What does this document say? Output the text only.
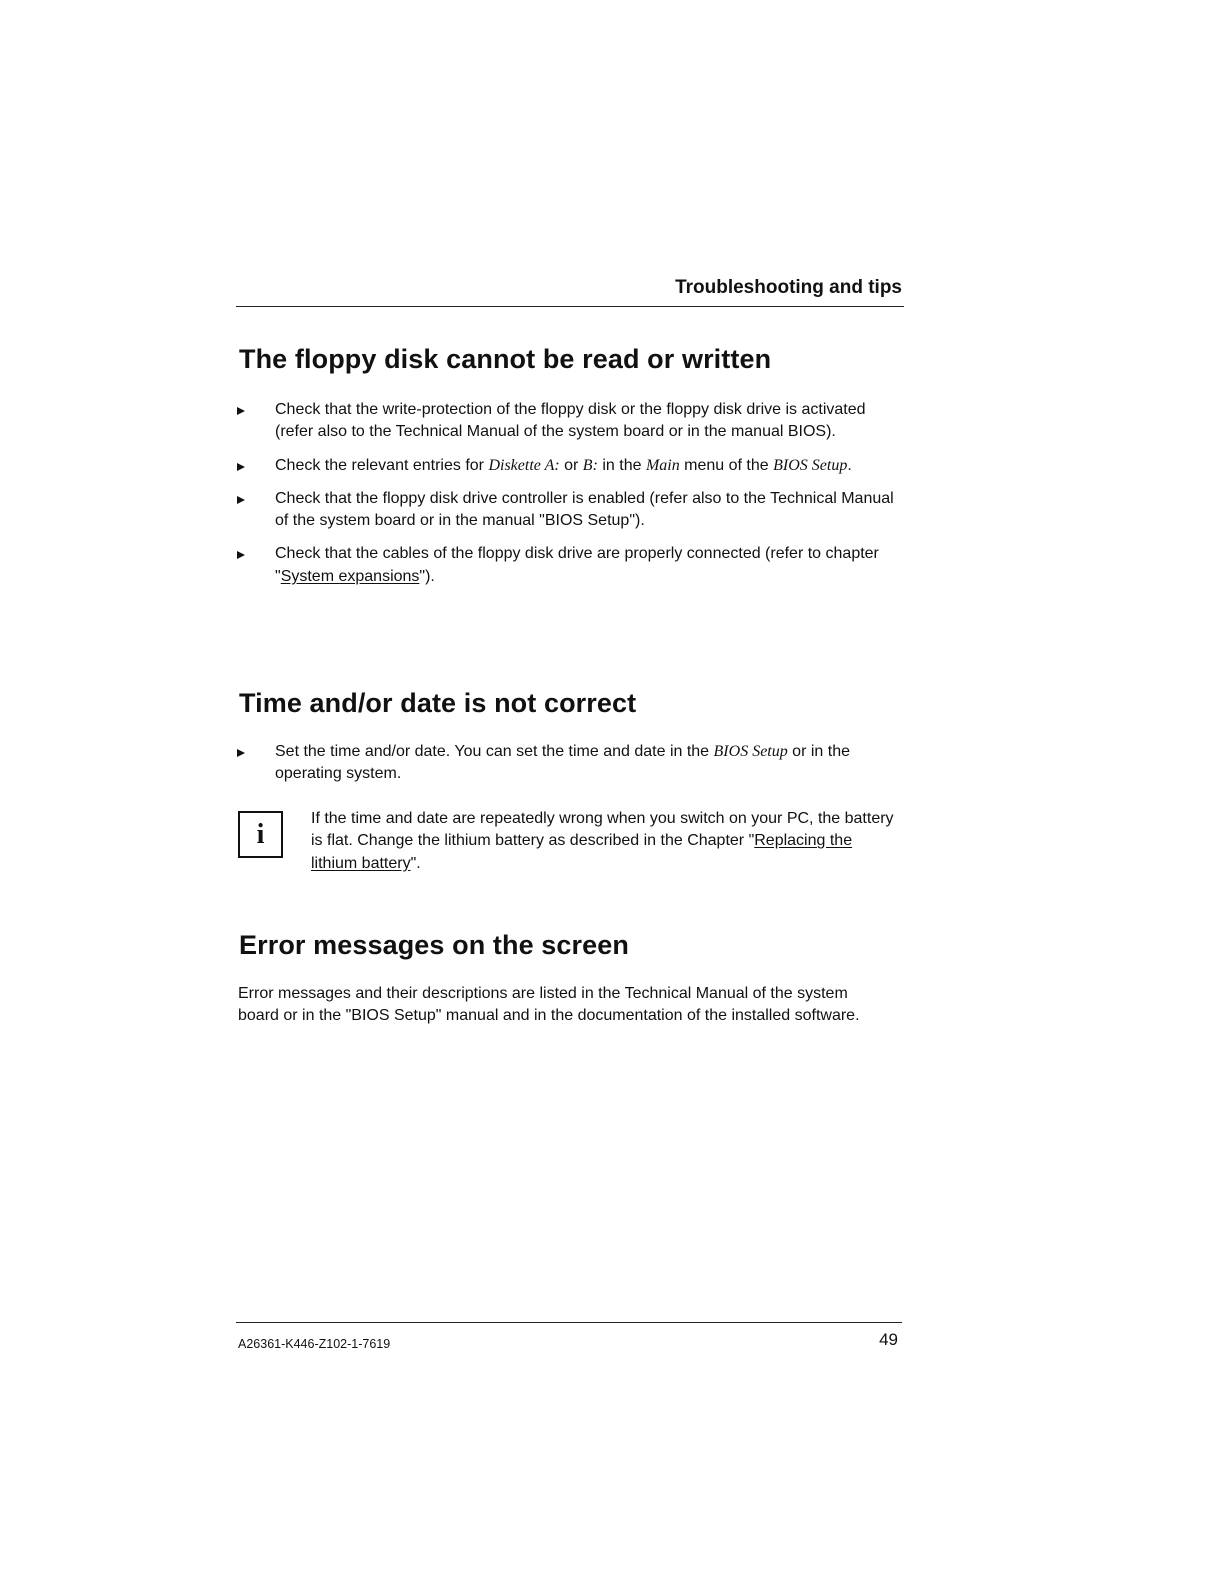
Troubleshooting and tips
The floppy disk cannot be read or written
Check that the write-protection of the floppy disk or the floppy disk drive is activated (refer also to the Technical Manual of the system board or in the manual BIOS).
Check the relevant entries for Diskette A: or B: in the Main menu of the BIOS Setup.
Check that the floppy disk drive controller is enabled (refer also to the Technical Manual of the system board or in the manual "BIOS Setup").
Check that the cables of the floppy disk drive are properly connected (refer to chapter "System expansions").
Time and/or date is not correct
Set the time and/or date. You can set the time and date in the BIOS Setup or in the operating system.
i

If the time and date are repeatedly wrong when you switch on your PC, the battery is flat. Change the lithium battery as described in the Chapter "Replacing the lithium battery".

Error messages on the screen

Error messages and their descriptions are listed in the Technical Manual of the system board or in the "BIOS Setup" manual and in the documentation of the installed software.

A26361-K446-Z102-1-7619	49
